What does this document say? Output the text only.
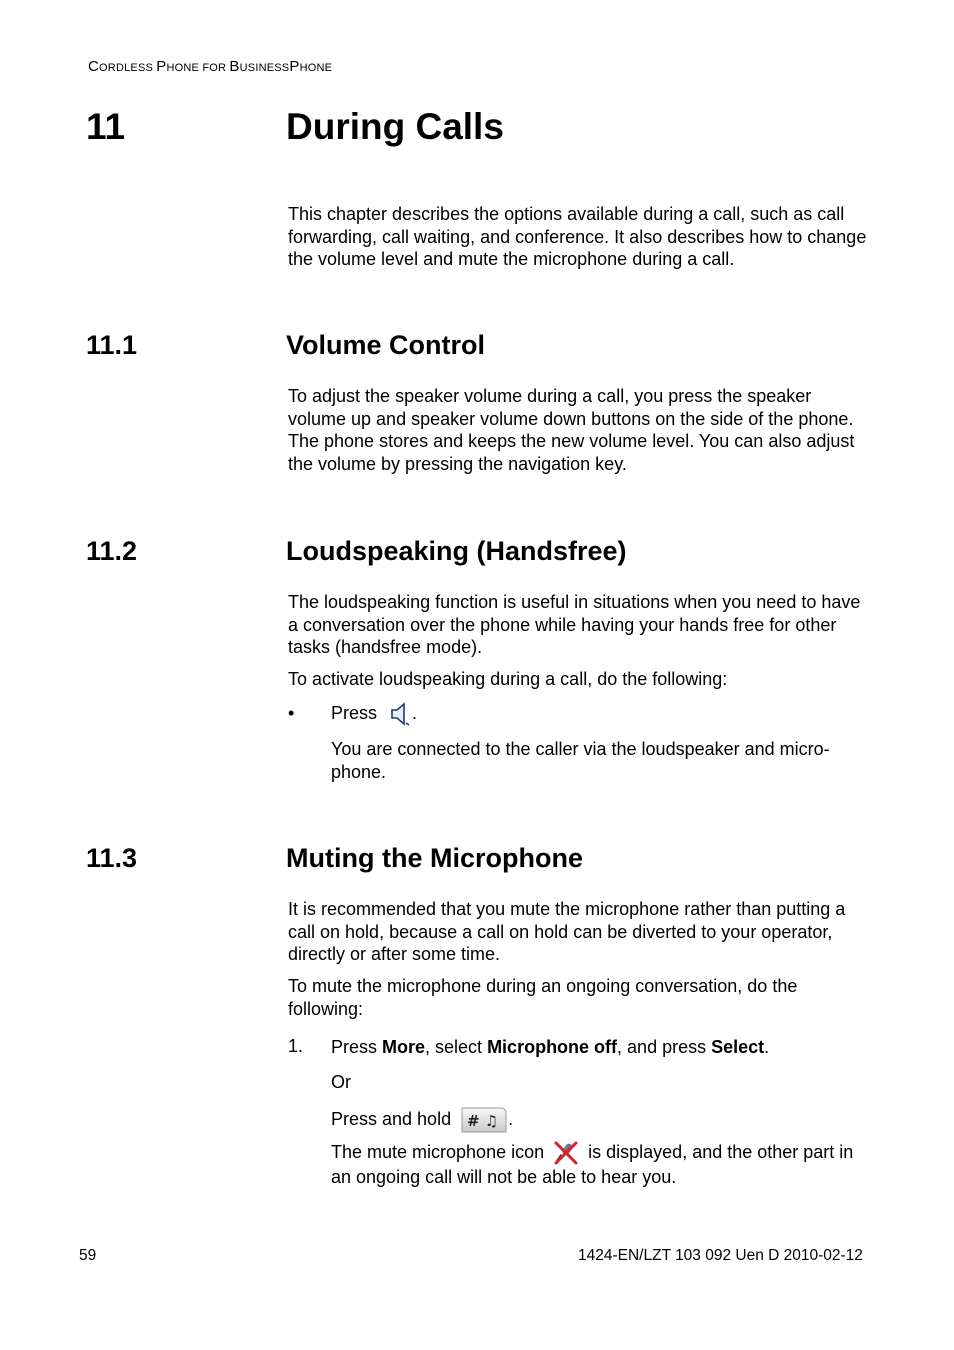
CORDLESS PHONE FOR BUSINESSPHONE
11	During Calls
This chapter describes the options available during a call, such as call
forwarding, call waiting, and conference. It also describes how to change
the volume level and mute the microphone during a call.
11.1	Volume Control
To adjust the speaker volume during a call, you press the speaker
volume up and speaker volume down buttons on the side of the phone.
The phone stores and keeps the new volume level. You can also adjust
the volume by pressing the navigation key.
11.2	Loudspeaking (Handsfree)
The loudspeaking function is useful in situations when you need to have
a conversation over the phone while having your hands free for other
tasks (handsfree mode).
To activate loudspeaking during a call, do the following:
• Press .
You are connected to the caller via the loudspeaker and micro-
phone.
11.3	Muting the Microphone
It is recommended that you mute the microphone rather than putting a
call on hold, because a call on hold can be diverted to your operator,
directly or after some time.
To mute the microphone during an ongoing conversation, do the
following:
1. Press More, select Microphone off, and press Select.
Or
Press and hold # ♫ .
The mute microphone icon is displayed, and the other part in
an ongoing call will not be able to hear you.
59	1424-EN/LZT 103 092 Uen D 2010-02-12
